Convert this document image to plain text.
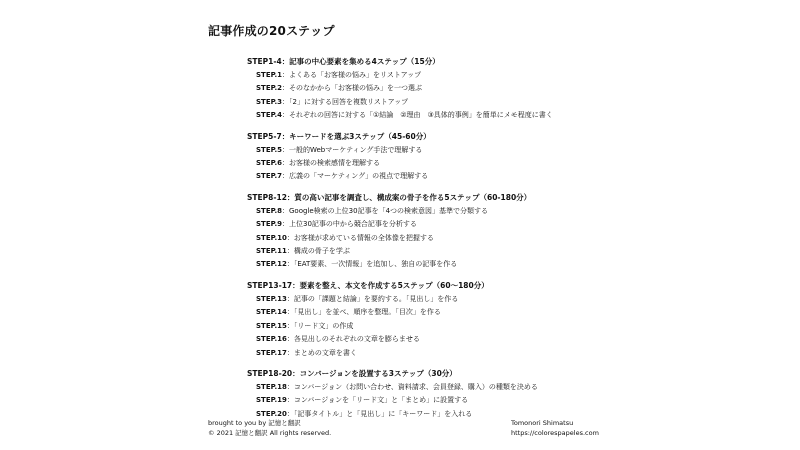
記事作成の20ステップ
STEP1-4：記事の中心要素を集める4ステップ（15分）
STEP.1：よくある「お客様の悩み」をリストアップ
STEP.2：そのなかから「お客様の悩み」を一つ選ぶ
STEP.3：「2」に対する回答を複数リストアップ
STEP.4：それぞれの回答に対する「①結論　②理由　③具体的事例」を簡単にメモ程度に書く
STEP5-7：キーワードを選ぶ3ステップ（45-60分）
STEP.5：一般的Webマーケティング手法で理解する
STEP.6：お客様の検索感情を理解する
STEP.7：広義の「マーケティング」の視点で理解する
STEP8-12：質の高い記事を調査し、構成案の骨子を作る5ステップ（60-180分）
STEP.8：Google検索の上位30記事を「4つの検索意図」基準で分類する
STEP.9：上位30記事の中から競合記事を分析する
STEP.10：お客様が求めている情報の全体像を把握する
STEP.11：構成の骨子を学ぶ
STEP.12：「EAT要素、一次情報」を追加し、独自の記事を作る
STEP13-17：要素を整え、本文を作成する5ステップ（60〜180分）
STEP.13：記事の「課題と結論」を要約する。「見出し」を作る
STEP.14：「見出し」を並べ、順序を整理。「目次」を作る
STEP.15：「リード文」の作成
STEP.16：各見出しのそれぞれの文章を膨らませる
STEP.17：まとめの文章を書く
STEP18-20：コンバージョンを設置する3ステップ（30分）
STEP.18：コンバージョン（お問い合わせ、資料請求、会員登録、購入）の種類を決める
STEP.19：コンバージョンを「リード文」と「まとめ」に設置する
STEP.20：「記事タイトル」と「見出し」に「キーワード」を入れる
brought to you by 記憶と翻訳
© 2021 記憶と翻訳 All rights reserved.
Tomonori Shimatsu
https://colorespapeles.com
